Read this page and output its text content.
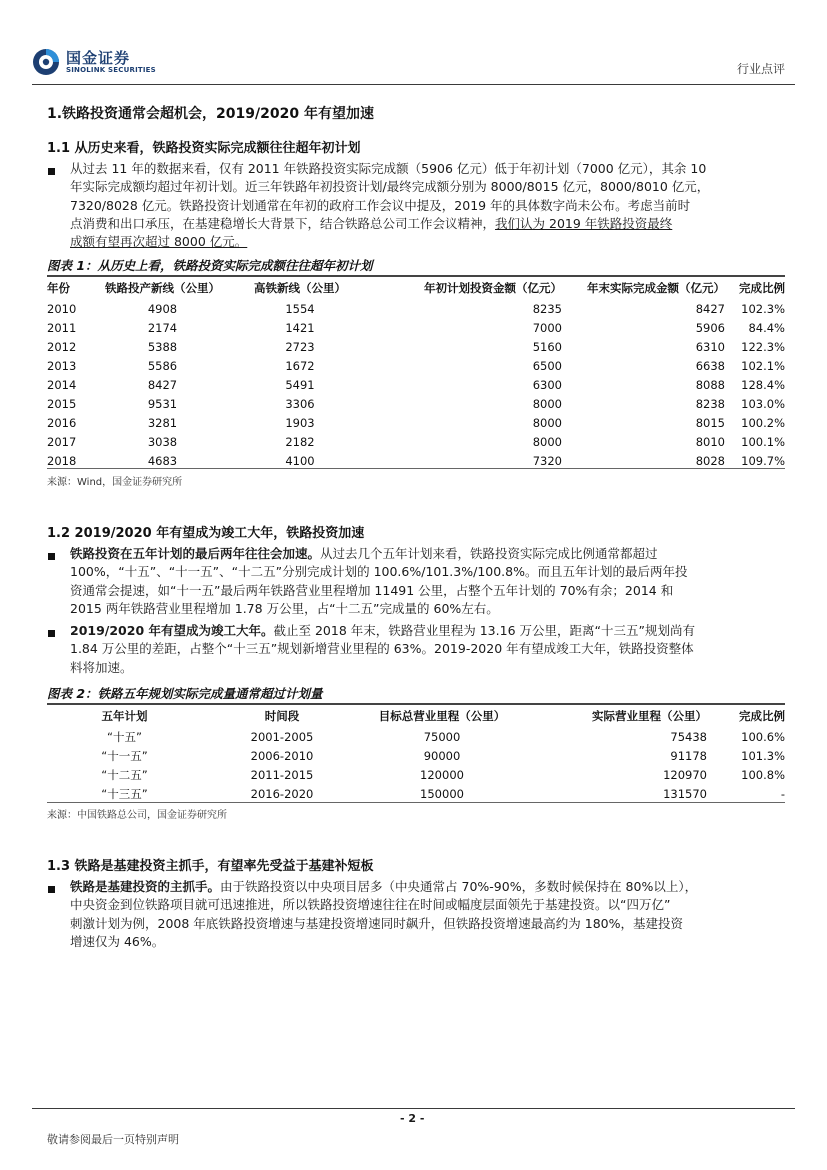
国金证券
SINOLINK SECURITIES	行业点评
1.铁路投资通常会超机会，2019/2020 年有望加速
1.1 从历史来看，铁路投资实际完成额往往超年初计划
从过去 11 年的数据来看，仅有 2011 年铁路投资实际完成额（5906 亿元）低于年初计划（7000 亿元），其余 10
年实际完成额均超过年初计划。近三年铁路年初投资计划/最终完成额分别为 8000/8015 亿元，8000/8010 亿元，
7320/8028 亿元。铁路投资计划通常在年初的政府工作会议中提及，2019 年的具体数字尚未公布。考虑当前时
点消费和出口承压，在基建稳增长大背景下，结合铁路总公司工作会议精神，我们认为 2019 年铁路投资最终
成额有望再次超过 8000 亿元。
图表 1：从历史上看，铁路投资实际完成额往往超年初计划
年份	铁路投产新线（公里）	高铁新线（公里）	年初计划投资金额（亿元）	年末实际完成金额（亿元）	完成比例
2010	4908	1554	8235	8427	102.3%
2011	2174	1421	7000	5906	84.4%
2012	5388	2723	5160	6310	122.3%
2013	5586	1672	6500	6638	102.1%
2014	8427	5491	6300	8088	128.4%
2015	9531	3306	8000	8238	103.0%
2016	3281	1903	8000	8015	100.2%
2017	3038	2182	8000	8010	100.1%
2018	4683	4100	7320	8028	109.7%
来源：Wind，国金证券研究所
1.2 2019/2020 年有望成为竣工大年，铁路投资加速
铁路投资在五年计划的最后两年往往会加速。从过去几个五年计划来看，铁路投资实际完成比例通常都超过
100%，“十五”、“十一五”、“十二五”分别完成计划的 100.6%/101.3%/100.8%。而且五年计划的最后两年投
资通常会提速，如“十一五”最后两年铁路营业里程增加 11491 公里，占整个五年计划的 70%有余；2014 和
2015 两年铁路营业里程增加 1.78 万公里，占“十二五”完成量的 60%左右。
2019/2020 年有望成为竣工大年。截止至 2018 年末，铁路营业里程为 13.16 万公里，距离“十三五”规划尚有
1.84 万公里的差距，占整个“十三五”规划新增营业里程的 63%。2019-2020 年有望成竣工大年，铁路投资整体
料将加速。
图表 2：铁路五年规划实际完成量通常超过计划量
五年计划	时间段	目标总营业里程（公里）	实际营业里程（公里）	完成比例
“十五”	2001-2005	75000	75438	100.6%
“十一五”	2006-2010	90000	91178	101.3%
“十二五”	2011-2015	120000	120970	100.8%
“十三五”	2016-2020	150000	131570	-
来源：中国铁路总公司，国金证券研究所
1.3 铁路是基建投资主抓手，有望率先受益于基建补短板
铁路是基建投资的主抓手。由于铁路投资以中央项目居多（中央通常占 70%-90%，多数时候保持在 80%以上），
中央资金到位铁路项目就可迅速推进，所以铁路投资增速往往在时间或幅度层面领先于基建投资。以“四万亿”
刺激计划为例，2008 年底铁路投资增速与基建投资增速同时飙升，但铁路投资增速最高约为 180%，基建投资
增速仅为 46%。
- 2 -
敬请参阅最后一页特别声明
